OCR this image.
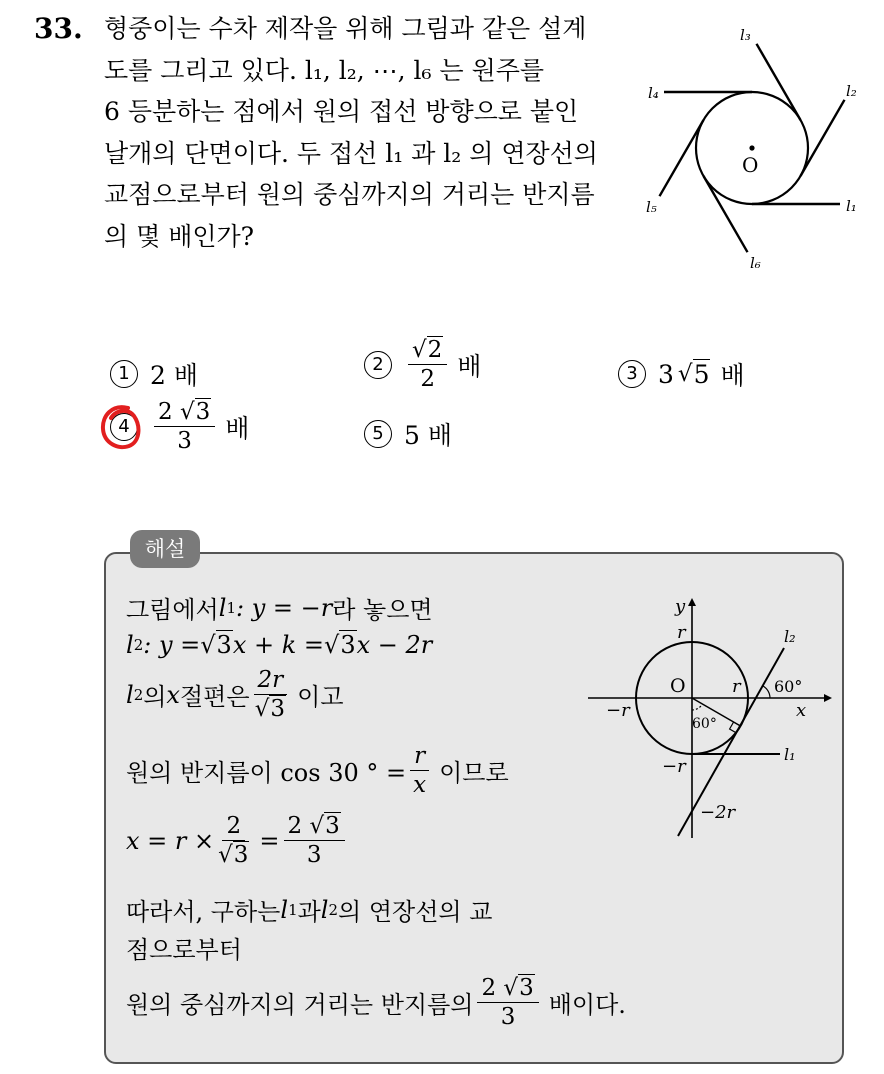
33. 형중이는 수차 제작을 위해 그림과 같은 설계
도를 그리고 있다. l₁, l₂, ⋯, l₆ 는 원주를
6 등분하는 점에서 원의 접선 방향으로 붙인
날개의 단면이다. 두 접선 l₁ 과 l₂ 의 연장선의
교점으로부터 원의 중심까지의 거리는 반지름
의 몇 배인가?
O
l₁
l₂
l₃
l₄
l₅
l₆
1 2 배	2	$\frac{√2}{2}$ 배	3 3 √ 5 배
4	$\frac{2 √3}{3}$ 배	5 5 배
해설
그림에서 l 1 : y = −r 라 놓으면
l 2 : y = √ 3 x + k = √ 3 x − 2r
l 2 의 x 절편은 $\frac{2r}{√3}$ 이고
원의 반지름이 cos 30 ° = $\frac{r}{x}$ 이므로
$x = r \times \frac{2}{√3} = \frac{2 √3}{3}$
따라서, 구하는 l 1 과 l 2 의 연장선의 교
점으로부터
원의 중심까지의 거리는 반지름의 $\frac{2 √3}{3}$ 배이다.
y
x
O
r
r
−r
−r
−2r
60°
60°
l₂
l₁
